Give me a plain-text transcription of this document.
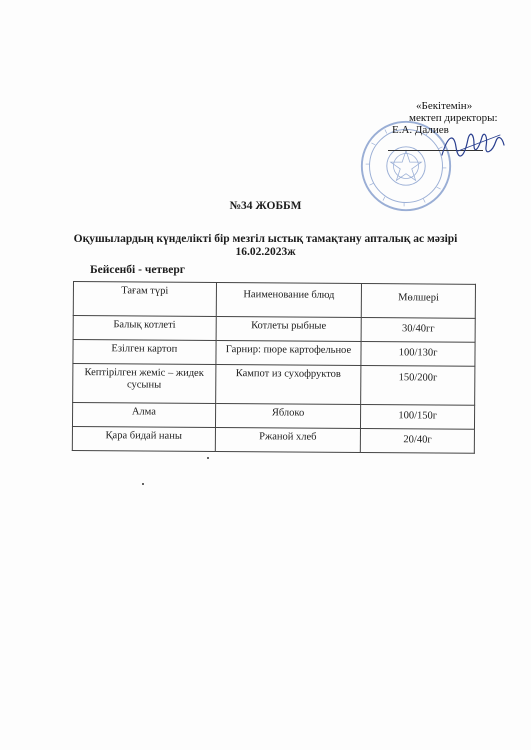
«Бекітемін»
мектеп директоры:
Е.А. Далиев
№34 ЖОББМ
Оқушылардың күнделікті бір мезгіл ыстық тамақтану апталық ас мәзірі
16.02.2023ж
Бейсенбі - четверг
Тағам түрі	Наименование блюд	Мөлшері
Балық котлеті	Котлеты рыбные	30/40гг
Езілген картоп	Гарнир: пюре картофельное	100/130г
Кептірілген жеміс – жидек сусыны	Кампот из сухофруктов	150/200г
Алма	Яблоко	100/150г
Қара бидай наны	Ржаной хлеб	20/40г
